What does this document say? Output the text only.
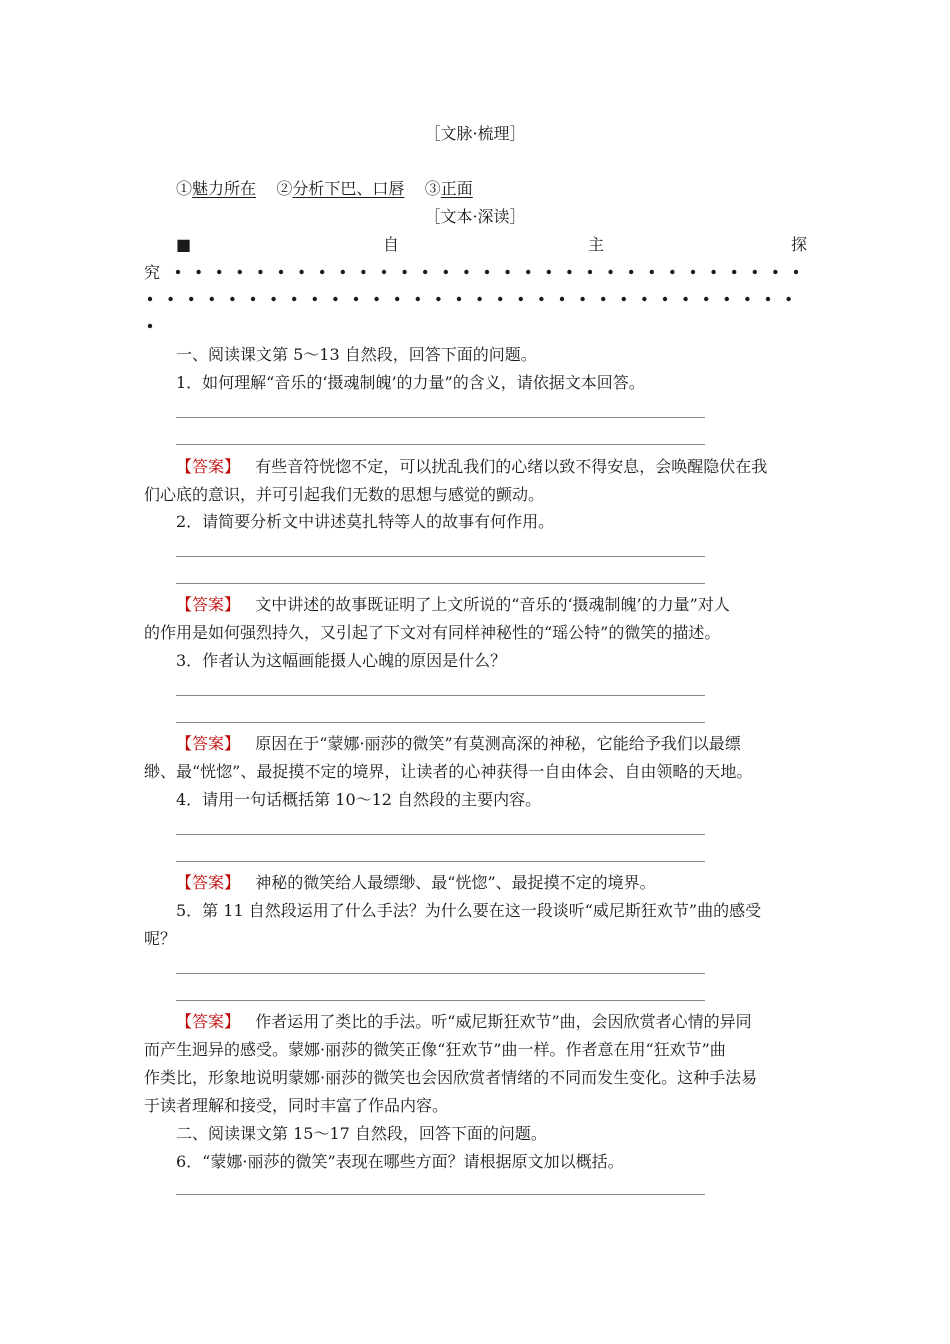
［文脉·梳理］
①魅力所在 ②分析下巴、口唇 ③正面
［文本·深读］
■	自	主	探
究
一、阅读课文第 5～13 自然段，回答下面的问题。
1．如何理解“音乐的‘摄魂制魄’的力量”的含义，请依据文本回答。
【答案】 有些音符恍惚不定，可以扰乱我们的心绪以致不得安息，会唤醒隐伏在我
们心底的意识，并可引起我们无数的思想与感觉的颤动。
2．请简要分析文中讲述莫扎特等人的故事有何作用。
【答案】 文中讲述的故事既证明了上文所说的“音乐的‘摄魂制魄’的力量”对人
的作用是如何强烈持久，又引起了下文对有同样神秘性的“瑶公特”的微笑的描述。
3．作者认为这幅画能摄人心魄的原因是什么？
【答案】 原因在于“蒙娜·丽莎的微笑”有莫测高深的神秘，它能给予我们以最缥
缈、最“恍惚”、最捉摸不定的境界，让读者的心神获得一自由体会、自由领略的天地。
4．请用一句话概括第 10～12 自然段的主要内容。
【答案】 神秘的微笑给人最缥缈、最“恍惚”、最捉摸不定的境界。
5．第 11 自然段运用了什么手法？为什么要在这一段谈听“威尼斯狂欢节”曲的感受
呢？
【答案】 作者运用了类比的手法。听“威尼斯狂欢节”曲，会因欣赏者心情的异同
而产生迥异的感受。蒙娜·丽莎的微笑正像“狂欢节”曲一样。作者意在用“狂欢节”曲
作类比，形象地说明蒙娜·丽莎的微笑也会因欣赏者情绪的不同而发生变化。这种手法易
于读者理解和接受，同时丰富了作品内容。
二、阅读课文第 15～17 自然段，回答下面的问题。
6．“蒙娜·丽莎的微笑”表现在哪些方面？请根据原文加以概括。
